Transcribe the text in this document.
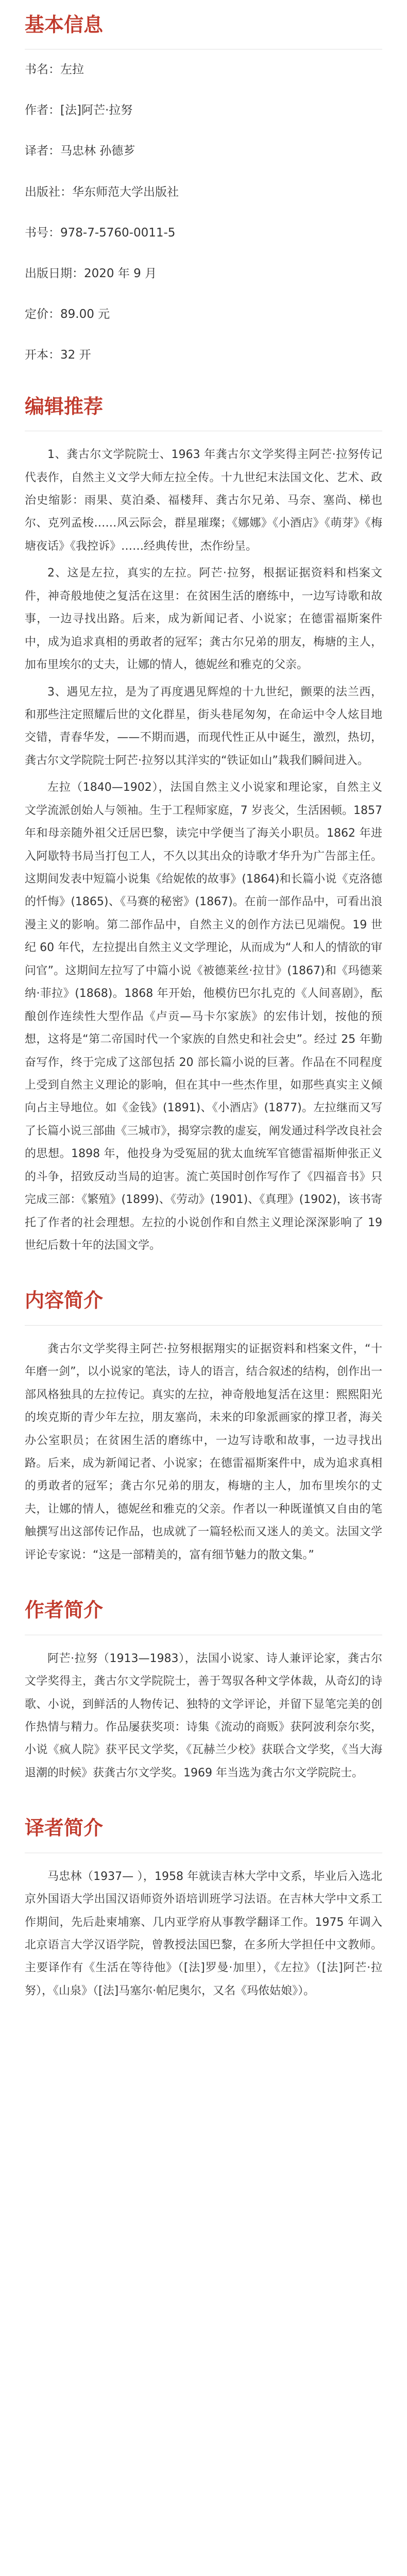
基本信息
书名：左拉
作者：[法]阿芒·拉努
译者：马忠林 孙德芗
出版社：华东师范大学出版社
书号：978-7-5760-0011-5
出版日期：2020 年 9 月
定价：89.00 元
开本：32 开
编辑推荐

1、龚古尔文学院院士、1963 年龚古尔文学奖得主阿芒·拉努传记代表作，自然主义文学大师左拉全传。十九世纪末法国文化、艺术、政治史缩影：雨果、莫泊桑、福楼拜、龚古尔兄弟、马奈、塞尚、梯也尔、克列孟梭……风云际会，群星璀璨；《娜娜》《小酒店》《萌芽》《梅塘夜话》《我控诉》……经典传世，杰作纷呈。

2、这是左拉，真实的左拉。阿芒·拉努，根据证据资料和档案文件，神奇般地使之复活在这里：在贫困生活的磨练中，一边写诗歌和故事，一边寻找出路。后来，成为新闻记者、小说家；在德雷福斯案件中，成为追求真相的勇敢者的冠军；龚古尔兄弟的朋友，梅塘的主人，加布里埃尔的丈夫，让娜的情人，德妮丝和雅克的父亲。

3、遇见左拉，是为了再度遇见辉煌的十九世纪，颤栗的法兰西，和那些注定照耀后世的文化群星，街头巷尾匆匆，在命运中令人炫目地交错，青春华发，——不期而遇，而现代性正从中诞生，激烈，热切，龚古尔文学院院士阿芒·拉努以其洋实的“铁证如山”栽我们瞬间进入。

左拉（1840—1902），法国自然主义小说家和理论家，自然主义文学流派创始人与领袖。生于工程师家庭，7 岁丧父，生活困顿。1857 年和母亲随外祖父迁居巴黎，读完中学便当了海关小职员。1862 年进入阿歇特书局当打包工人，不久以其出众的诗歌才华升为广告部主任。这期间发表中短篇小说集《给妮侬的故事》(1864)和长篇小说《克洛德的忏悔》(1865)、《马赛的秘密》(1867)。在前一部作品中，可看出浪漫主义的影响。第二部作品中，自然主义的创作方法已见端倪。19 世纪 60 年代，左拉提出自然主义文学理论，从而成为“人和人的情欲的审问官”。这期间左拉写了中篇小说《被德莱丝·拉甘》(1867)和《玛德莱纳·菲拉》(1868)。1868 年开始，他模仿巴尔扎克的《人间喜剧》，酝酿创作连续性大型作品《卢贡—马卡尔家族》的宏伟计划，按他的预想，这将是“第二帝国时代一个家族的自然史和社会史”。经过 25 年勤奋写作，终于完成了这部包括 20 部长篇小说的巨著。作品在不同程度上受到自然主义理论的影响，但在其中一些杰作里，如那些真实主义倾向占主导地位。如《金钱》(1891)、《小酒店》(1877)。左拉继而又写了长篇小说三部曲《三城市》，揭穿宗教的虚妄，阐发通过科学改良社会的思想。1898 年，他投身为受冤屈的犹太血统军官德雷福斯伸张正义的斗争，招致反动当局的迫害。流亡英国时创作写作了《四福音书》只完成三部：《繁殖》(1899)、《劳动》(1901)、《真理》(1902)，该书寄托了作者的社会理想。左拉的小说创作和自然主义理论深深影响了 19 世纪后数十年的法国文学。

内容简介

龚古尔文学奖得主阿芒·拉努根据翔实的证据资料和档案文件，“十年磨一剑”，以小说家的笔法，诗人的语言，结合叙述的结构，创作出一部风格独具的左拉传记。真实的左拉，神奇般地复活在这里：熙熙阳光的埃克斯的青少年左拉，朋友塞尚，未来的印象派画家的撑卫者，海关办公室职员；在贫困生活的磨练中，一边写诗歌和故事，一边寻找出路。后来，成为新闻记者、小说家；在德雷福斯案件中，成为追求真相的勇敢者的冠军；龚古尔兄弟的朋友，梅塘的主人，加布里埃尔的丈夫，让娜的情人，德妮丝和雅克的父亲。作者以一种既谨慎又自由的笔触撰写出这部传记作品，也成就了一篇轻松而又迷人的美文。法国文学评论专家说：“这是一部精美的，富有细节魅力的散文集。”

作者简介

阿芒·拉努（1913—1983），法国小说家、诗人兼评论家，龚古尔文学奖得主，龚古尔文学院院士，善于驾驭各种文学体裁，从奇幻的诗歌、小说，到鲜活的人物传记、独特的文学评论，并留下显笔完美的创作热情与精力。作品屡获奖项：诗集《流动的商贩》获阿波利奈尔奖，小说《疯人院》获平民文学奖，《瓦赫兰少校》获联合文学奖，《当大海退潮的时候》获龚古尔文学奖。1969 年当选为龚古尔文学院院士。

译者简介

马忠林（1937— ），1958 年就读吉林大学中文系，毕业后入选北京外国语大学出国汉语师资外语培训班学习法语。在吉林大学中文系工作期间，先后赴柬埔寨、几内亚学府从事教学翻译工作。1975 年调入北京语言大学汉语学院，曾教授法国巴黎，在多所大学担任中文教师。主要译作有《生活在等待他》（[法]罗曼·加里），《左拉》（[法]阿芒·拉努），《山泉》（[法]马塞尔·帕尼奥尔，又名《玛侬姑娘》）。
